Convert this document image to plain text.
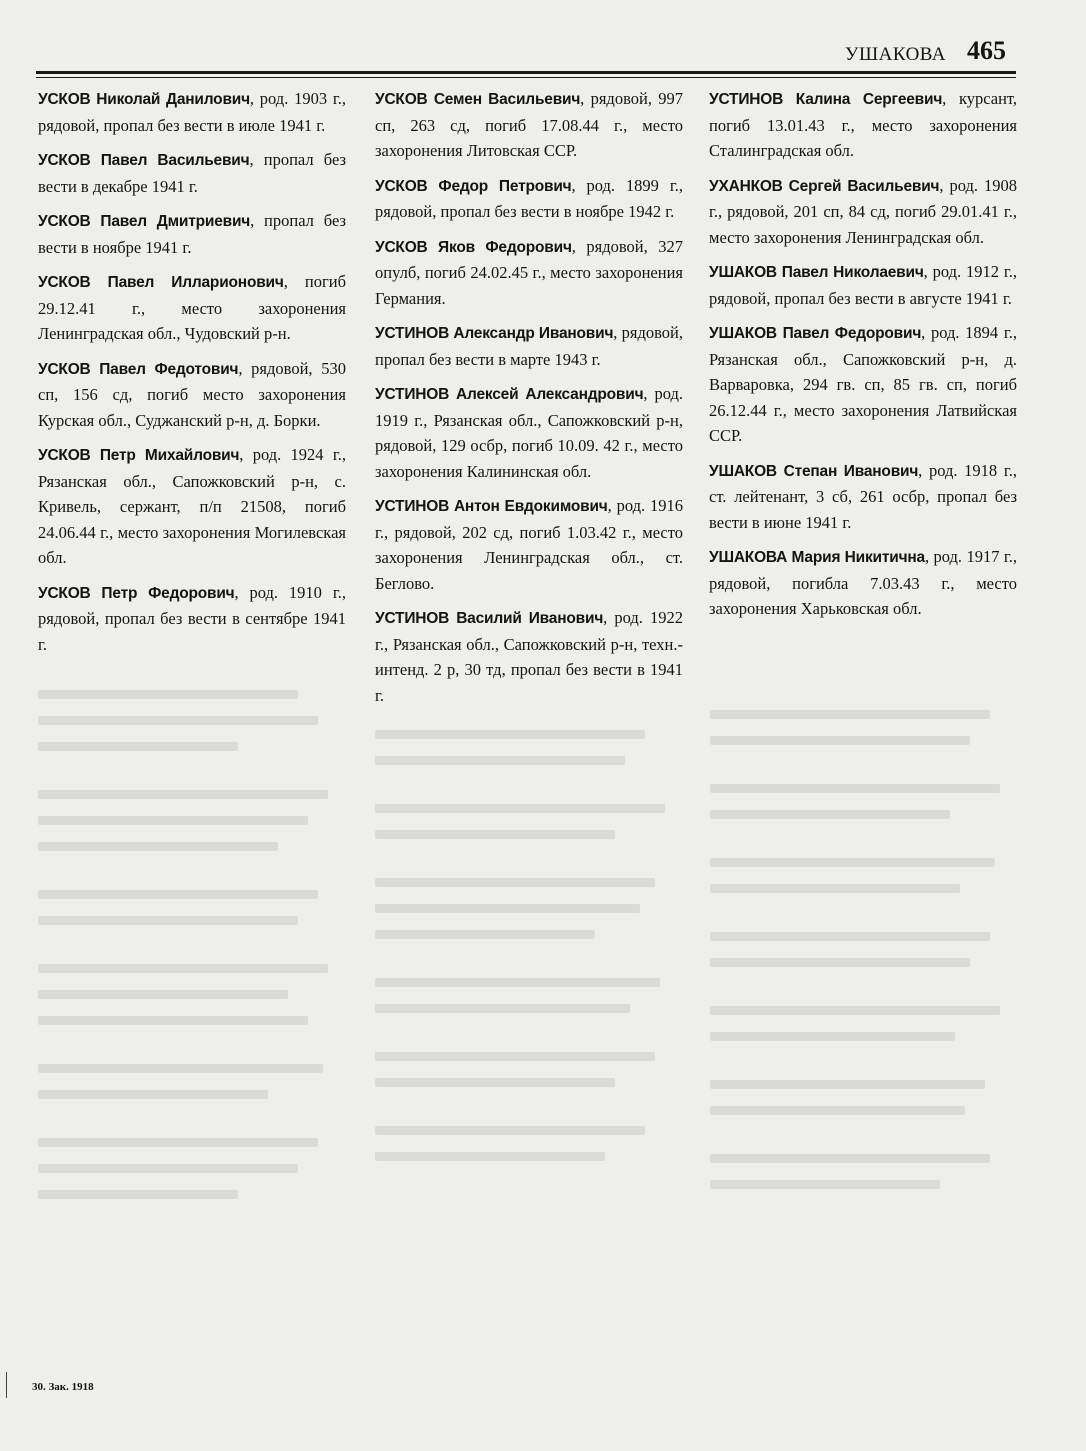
УШАКОВА 465

УСКОВ Николай Данилович, род. 1903 г., рядовой, пропал без вести в июле 1941 г.

УСКОВ Павел Васильевич, пропал без вести в декабре 1941 г.

УСКОВ Павел Дмитриевич, пропал без вести в ноябре 1941 г.

УСКОВ Павел Илларионович, погиб 29.12.41 г., место захоронения Ленинградская обл., Чудовский р-н.

УСКОВ Павел Федотович, рядовой, 530 сп, 156 сд, погиб место захоронения Курская обл., Суджанский р-н, д. Борки.

УСКОВ Петр Михайлович, род. 1924 г., Рязанская обл., Сапожковский р-н, с. Кривель, сержант, п/п 21508, погиб 24.06.44 г., место захоронения Могилевская обл.

УСКОВ Петр Федорович, род. 1910 г., рядовой, пропал без вести в сентябре 1941 г.

УСКОВ Семен Васильевич, рядовой, 997 сп, 263 сд, погиб 17.08.44 г., место захоронения Литовская ССР.

УСКОВ Федор Петрович, род. 1899 г., рядовой, пропал без вести в ноябре 1942 г.

УСКОВ Яков Федорович, рядовой, 327 опулб, погиб 24.02.45 г., место захоронения Германия.

УСТИНОВ Александр Иванович, рядовой, пропал без вести в марте 1943 г.

УСТИНОВ Алексей Александрович, род. 1919 г., Рязанская обл., Сапожковский р-н, рядовой, 129 осбр, погиб 10.09. 42 г., место захоронения Калининская обл.

УСТИНОВ Антон Евдокимович, род. 1916 г., рядовой, 202 сд, погиб 1.03.42 г., место захоронения Ленинградская обл., ст. Беглово.

УСТИНОВ Василий Иванович, род. 1922 г., Рязанская обл., Сапожковский р-н, техн.-интенд. 2 р, 30 тд, пропал без вести в 1941 г.

УСТИНОВ Калина Сергеевич, курсант, погиб 13.01.43 г., место захоронения Сталинградская обл.

УХАНКОВ Сергей Васильевич, род. 1908 г., рядовой, 201 сп, 84 сд, погиб 29.01.41 г., место захоронения Ленинградская обл.

УШАКОВ Павел Николаевич, род. 1912 г., рядовой, пропал без вести в августе 1941 г.

УШАКОВ Павел Федорович, род. 1894 г., Рязанская обл., Сапожковский р-н, д. Варваровка, 294 гв. сп, 85 гв. сп, погиб 26.12.44 г., место захоронения Латвийская ССР.

УШАКОВ Степан Иванович, род. 1918 г., ст. лейтенант, 3 сб, 261 осбр, пропал без вести в июне 1941 г.

УШАКОВА Мария Никитична, род. 1917 г., рядовой, погибла 7.03.43 г., место захоронения Харьковская обл.

30. Зак. 1918
